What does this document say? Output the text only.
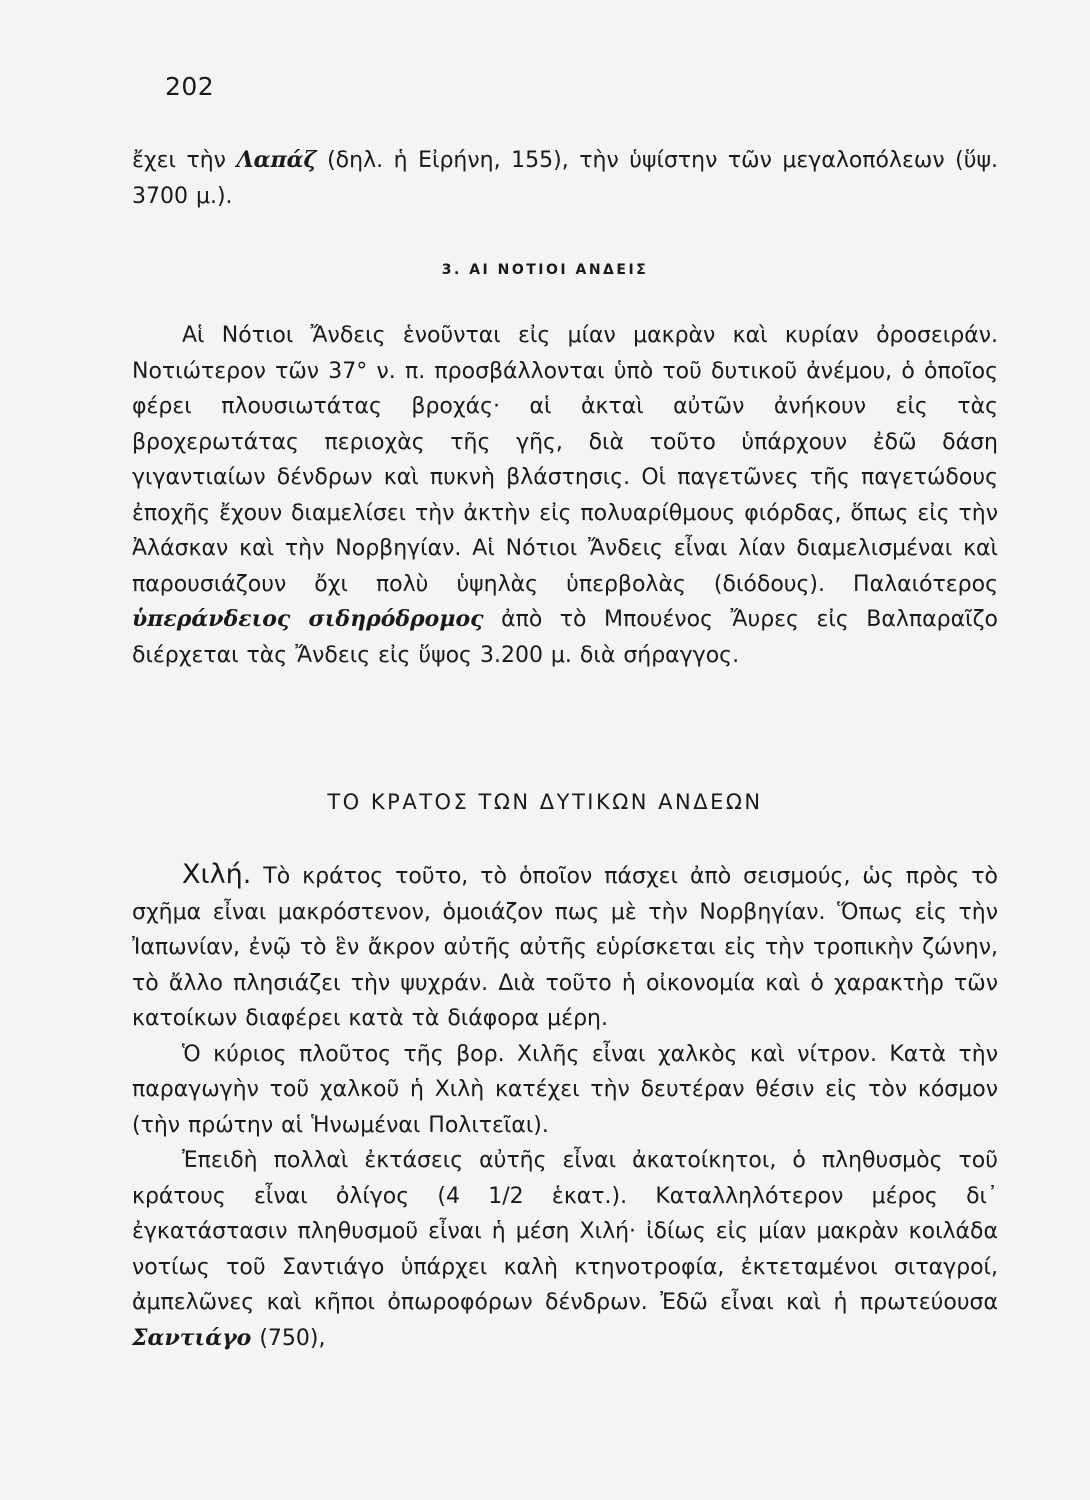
202

ἔχει τὴν Λαπάζ (δηλ. ἡ Εἰρήνη, 155), τὴν ὑψίστην τῶν μεγαλοπόλεων (ὕψ. 3700 μ.).

3. ΑΙ ΝΟΤΙΟΙ ΑΝΔΕΙΣ

Αἱ Νότιοι Ἄνδεις ἑνοῦνται εἰς μίαν μακρὰν καὶ κυρίαν ὀροσειράν. Νοτιώτερον τῶν 37° ν. π. προσβάλλονται ὑπὸ τοῦ δυτικοῦ ἀνέμου, ὁ ὁποῖος φέρει πλουσιωτάτας βροχάς· αἱ ἀκταὶ αὐτῶν ἀνήκουν εἰς τὰς βροχερωτάτας περιοχὰς τῆς γῆς, διὰ τοῦτο ὑπάρχουν ἐδῶ δάση γιγαντιαίων δένδρων καὶ πυκνὴ βλάστησις. Οἱ παγετῶνες τῆς παγετώδους ἐποχῆς ἔχουν διαμελίσει τὴν ἀκτὴν εἰς πολυαρίθμους φιόρδας, ὅπως εἰς τὴν Ἀλάσκαν καὶ τὴν Νορβηγίαν. Αἱ Νότιοι Ἄνδεις εἶναι λίαν διαμελισμέναι καὶ παρουσιάζουν ὄχι πολὺ ὑψηλὰς ὑπερβολὰς (διόδους). Παλαιότερος ὑπεράνδειος σιδηρόδρομος ἀπὸ τὸ Μπουένος Ἄυρες εἰς Βαλπαραῖζο διέρχεται τὰς Ἄνδεις εἰς ὕψος 3.200 μ. διὰ σήραγγος.

ΤΟ ΚΡΑΤΟΣ ΤΩΝ ΔΥΤΙΚΩΝ ΑΝΔΕΩΝ

Χιλή. Τὸ κράτος τοῦτο, τὸ ὁποῖον πάσχει ἀπὸ σεισμούς, ὡς πρὸς τὸ σχῆμα εἶναι μακρόστενον, ὁμοιάζον πως μὲ τὴν Νορβηγίαν. Ὅπως εἰς τὴν Ἰαπωνίαν, ἐνῷ τὸ ἓν ἄκρον αὐτῆς αὐτῆς εὑρίσκεται εἰς τὴν τροπικὴν ζώνην, τὸ ἄλλο πλησιάζει τὴν ψυχράν. Διὰ τοῦτο ἡ οἰκονομία καὶ ὁ χαρακτὴρ τῶν κατοίκων διαφέρει κατὰ τὰ διάφορα μέρη.

Ὁ κύριος πλοῦτος τῆς βορ. Χιλῆς εἶναι χαλκὸς καὶ νίτρον. Κατὰ τὴν παραγωγὴν τοῦ χαλκοῦ ἡ Χιλὴ κατέχει τὴν δευτέραν θέσιν εἰς τὸν κόσμον (τὴν πρώτην αἱ Ἡνωμέναι Πολιτεῖαι).

Ἐπειδὴ πολλαὶ ἐκτάσεις αὐτῆς εἶναι ἀκατοίκητοι, ὁ πληθυσμὸς τοῦ κράτους εἶναι ὀλίγος (4 1/2 ἑκατ.). Καταλληλότερον μέρος δι᾽ ἐγκατάστασιν πληθυσμοῦ εἶναι ἡ μέση Χιλή· ἰδίως εἰς μίαν μακρὰν κοιλάδα νοτίως τοῦ Σαντιάγο ὑπάρχει καλὴ κτηνοτροφία, ἐκτεταμένοι σιταγροί, ἀμπελῶνες καὶ κῆποι ὀπωροφόρων δένδρων. Ἐδῶ εἶναι καὶ ἡ πρωτεύουσα Σαντιάγο (750),
